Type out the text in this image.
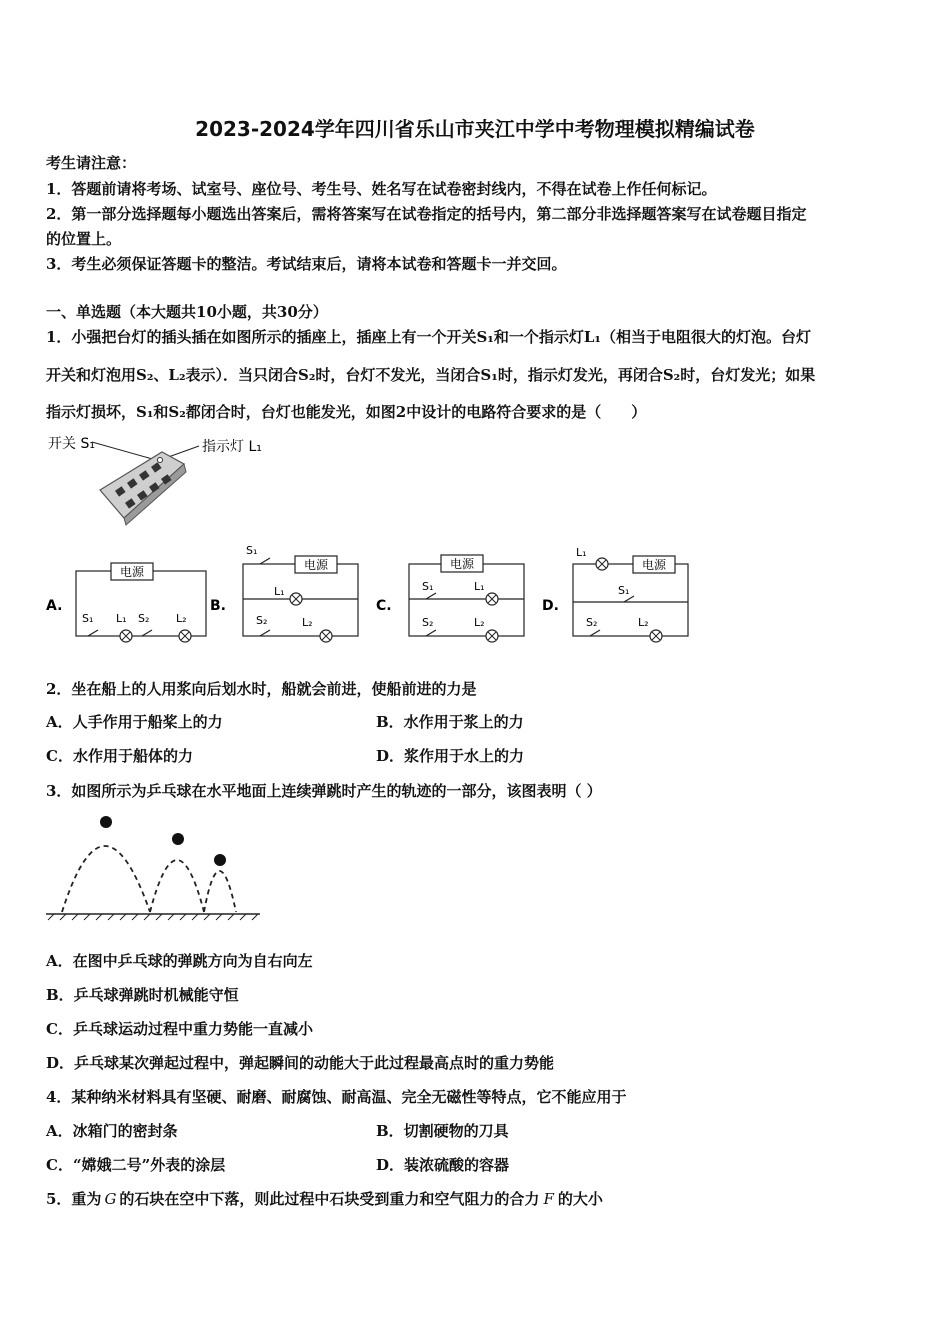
2023-2024学年四川省乐山市夹江中学中考物理模拟精编试卷
考生请注意：
1．答题前请将考场、试室号、座位号、考生号、姓名写在试卷密封线内，不得在试卷上作任何标记。
2．第一部分选择题每小题选出答案后，需将答案写在试卷指定的括号内，第二部分非选择题答案写在试卷题目指定
的位置上。
3．考生必须保证答题卡的整洁。考试结束后，请将本试卷和答题卡一并交回。
一、单选题（本大题共10小题，共30分）
1．小强把台灯的插头插在如图所示的插座上，插座上有一个开关S₁和一个指示灯L₁（相当于电阻很大的灯泡。台灯
开关和灯泡用S₂、L₂表示）．当只闭合S₂时，台灯不发光，当闭合S₁时，指示灯发光，再闭合S₂时，台灯发光；如果
指示灯损坏，S₁和S₂都闭合时，台灯也能发光，如图2中设计的电路符合要求的是（　　）
开关 S₁	指示灯 L₁
A.
电源
S₁ L₁ S₂ L₂
B.
电源
S₁
L₁
S₂	L₂
C.
电源
S₁	L₁
S₂	L₂
D.
L₁
电源
S₁
S₂	L₂
2．坐在船上的人用浆向后划水时，船就会前进，使船前进的力是
A．人手作用于船桨上的力	B．水作用于浆上的力
C．水作用于船体的力	D．浆作用于水上的力
3．如图所示为乒乓球在水平地面上连续弹跳时产生的轨迹的一部分，该图表明（ ）
A．在图中乒乓球的弹跳方向为自右向左
B．乒乓球弹跳时机械能守恒
C．乒乓球运动过程中重力势能一直减小
D．乒乓球某次弹起过程中，弹起瞬间的动能大于此过程最高点时的重力势能
4．某种纳米材料具有坚硬、耐磨、耐腐蚀、耐高温、完全无磁性等特点，它不能应用于
A．冰箱门的密封条	B．切割硬物的刀具
C．“嫦娥二号”外表的涂层	D．装浓硫酸的容器
5．重为 G 的石块在空中下落，则此过程中石块受到重力和空气阻力的合力 F 的大小
